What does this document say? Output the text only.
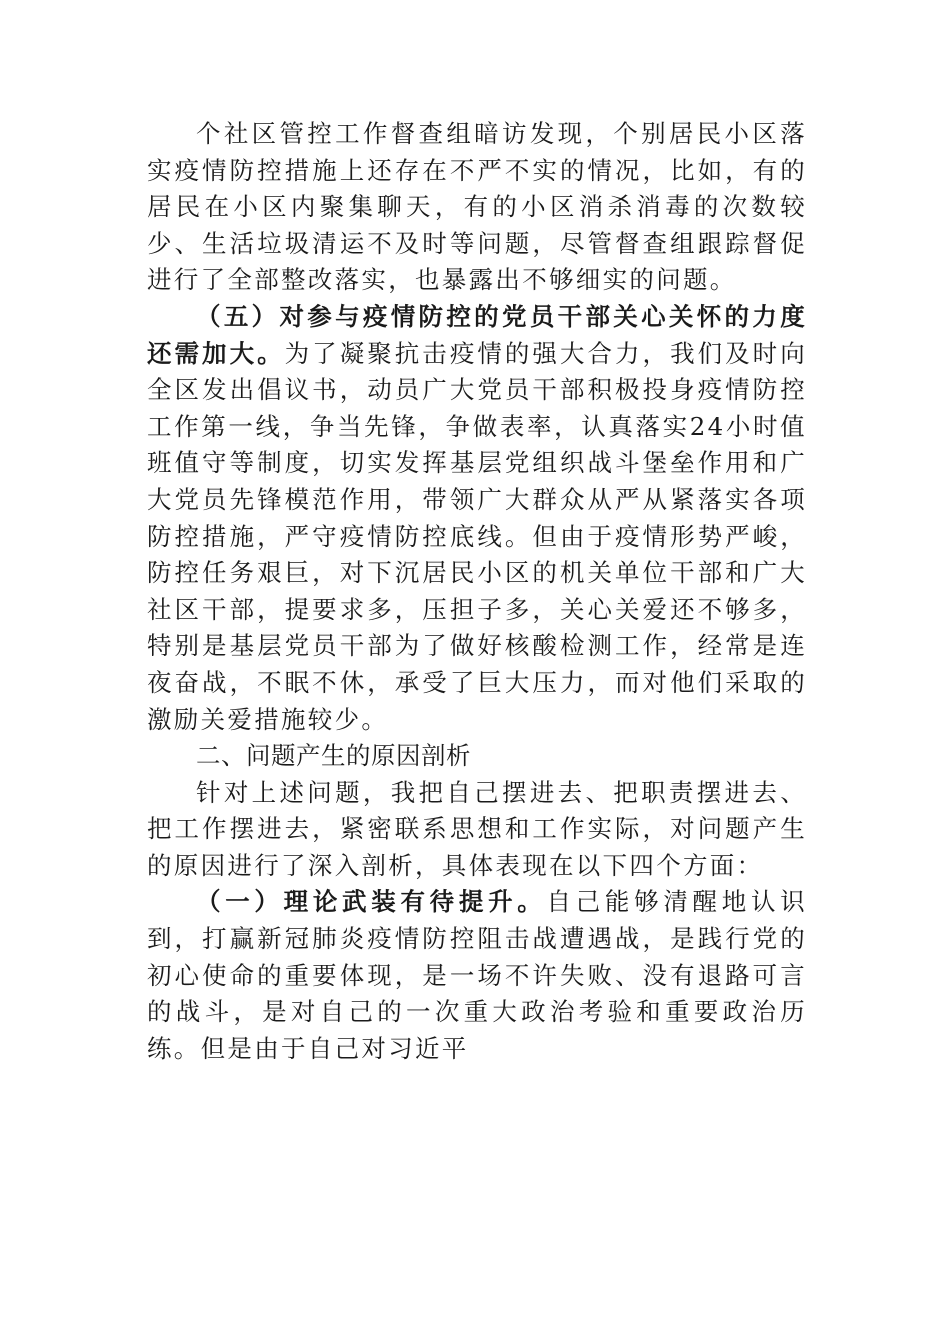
个社区管控工作督查组暗访发现，个别居民小区落实疫情防控措施上还存在不严不实的情况，比如，有的居民在小区内聚集聊天，有的小区消杀消毒的次数较少、生活垃圾清运不及时等问题，尽管督查组跟踪督促进行了全部整改落实，也暴露出不够细实的问题。

（五）对参与疫情防控的党员干部关心关怀的力度还需加大。为了凝聚抗击疫情的强大合力，我们及时向全区发出倡议书，动员广大党员干部积极投身疫情防控工作第一线，争当先锋，争做表率，认真落实24小时值班值守等制度，切实发挥基层党组织战斗堡垒作用和广大党员先锋模范作用，带领广大群众从严从紧落实各项防控措施，严守疫情防控底线。但由于疫情形势严峻，防控任务艰巨，对下沉居民小区的机关单位干部和广大社区干部，提要求多，压担子多，关心关爱还不够多，特别是基层党员干部为了做好核酸检测工作，经常是连夜奋战，不眠不休，承受了巨大压力，而对他们采取的激励关爱措施较少。

二、问题产生的原因剖析

针对上述问题，我把自己摆进去、把职责摆进去、把工作摆进去，紧密联系思想和工作实际，对问题产生的原因进行了深入剖析，具体表现在以下四个方面：

（一）理论武装有待提升。自己能够清醒地认识到，打赢新冠肺炎疫情防控阻击战遭遇战，是践行党的初心使命的重要体现，是一场不许失败、没有退路可言的战斗，是对自己的一次重大政治考验和重要政治历练。但是由于自己对习近平
